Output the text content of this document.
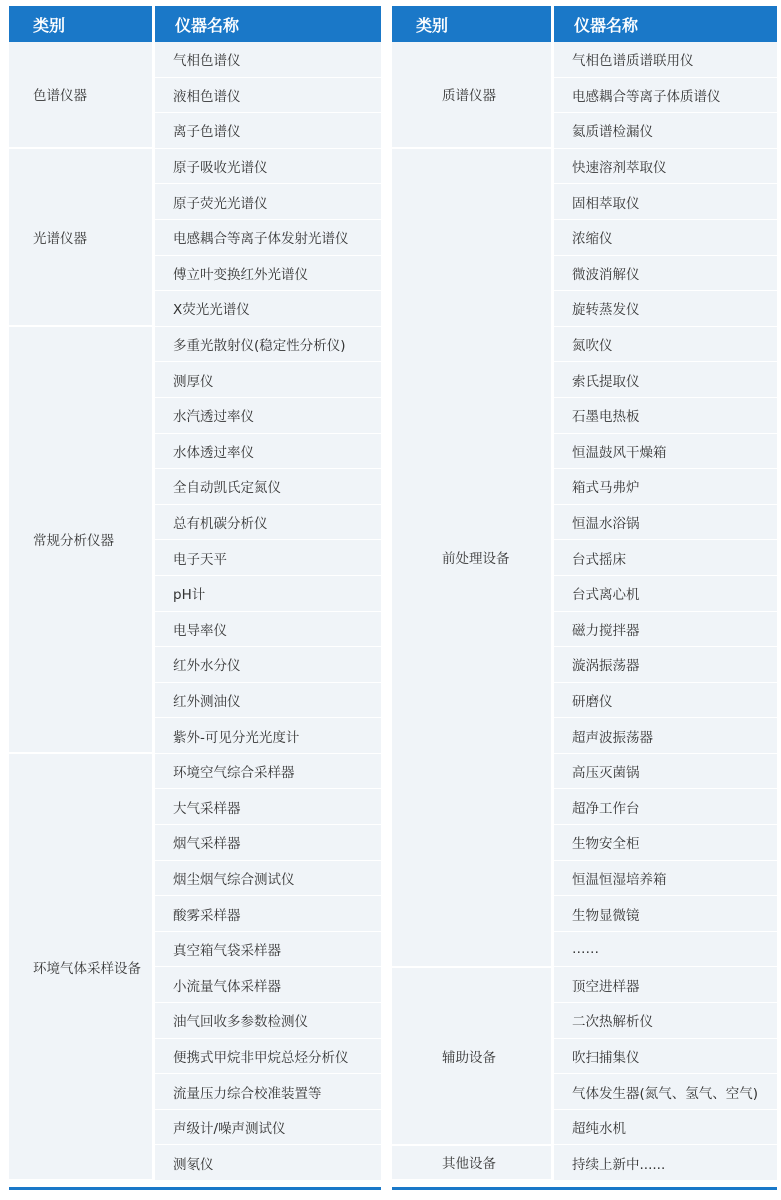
类别	仪器名称
色谱仪器
光谱仪器
常规分析仪器
环境气体采样设备
气相色谱仪
液相色谱仪
离子色谱仪
原子吸收光谱仪
原子荧光光谱仪
电感耦合等离子体发射光谱仪
傅立叶变换红外光谱仪
X荧光光谱仪
多重光散射仪(稳定性分析仪)
测厚仪
水汽透过率仪
水体透过率仪
全自动凯氏定氮仪
总有机碳分析仪
电子天平
pH计
电导率仪
红外水分仪
红外测油仪
紫外-可见分光光度计
环境空气综合采样器
大气采样器
烟气采样器
烟尘烟气综合测试仪
酸雾采样器
真空箱气袋采样器
小流量气体采样器
油气回收多参数检测仪
便携式甲烷非甲烷总烃分析仪
流量压力综合校准装置等
声级计/噪声测试仪
测氡仪
类别	仪器名称
质谱仪器
前处理设备
辅助设备
其他设备
气相色谱质谱联用仪
电感耦合等离子体质谱仪
氦质谱检漏仪
快速溶剂萃取仪
固相萃取仪
浓缩仪
微波消解仪
旋转蒸发仪
氮吹仪
索氏提取仪
石墨电热板
恒温鼓风干燥箱
箱式马弗炉
恒温水浴锅
台式摇床
台式离心机
磁力搅拌器
漩涡振荡器
研磨仪
超声波振荡器
高压灭菌锅
超净工作台
生物安全柜
恒温恒湿培养箱
生物显微镜
……
顶空进样器
二次热解析仪
吹扫捕集仪
气体发生器(氮气、氢气、空气)
超纯水机
持续上新中......
